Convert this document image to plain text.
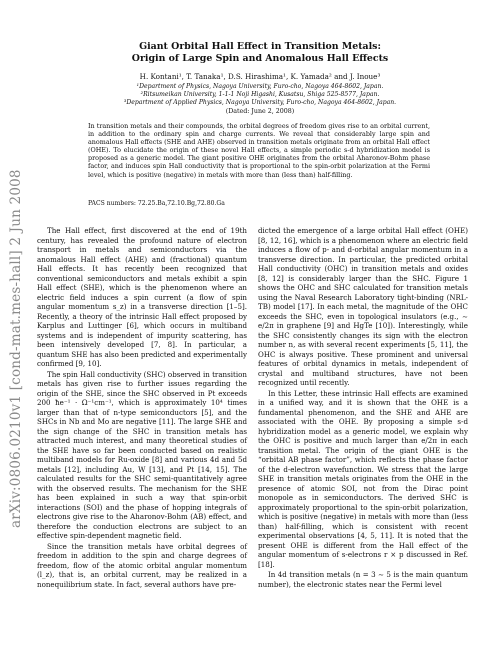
arXiv:0806.0210v1 [cond-mat.mes-hall] 2 Jun 2008
Giant Orbital Hall Effect in Transition Metals:
Origin of Large Spin and Anomalous Hall Effects
H. Kontani¹, T. Tanaka¹, D.S. Hirashima¹, K. Yamada² and J. Inoue³
¹Department of Physics, Nagoya University, Furo-cho, Nagoya 464-8602, Japan.
²Ritsumeikan University, 1-1-1 Noji Higashi, Kusatsu, Shiga 525-8577, Japan.
³Department of Applied Physics, Nagoya University, Furo-cho, Nagoya 464-8602, Japan.
(Dated: June 2, 2008)
In transition metals and their compounds, the orbital degrees of freedom gives rise to an orbital current, in addition to the ordinary spin and charge currents. We reveal that considerably large spin and anomalous Hall effects (SHE and AHE) observed in transition metals originate from an orbital Hall effect (OHE). To elucidate the origin of these novel Hall effects, a simple periodic s-d hybridization model is proposed as a generic model. The giant positive OHE originates from the orbital Aharonov-Bohm phase factor, and induces spin Hall conductivity that is proportional to the spin-orbit polarization at the Fermi level, which is positive (negative) in metals with more than (less than) half-filling.
PACS numbers: 72.25.Ba,72.10.Bg,72.80.Ga

The Hall effect, first discovered at the end of 19th century, has revealed the profound nature of electron transport in metals and semiconductors via the anomalous Hall effect (AHE) and (fractional) quantum Hall effects. It has recently been recognized that conventional semiconductors and metals exhibit a spin Hall effect (SHE), which is the phenomenon where an electric field induces a spin current (a flow of spin angular momentum s_z) in a transverse direction [1–5]. Recently, a theory of the intrinsic Hall effect proposed by Karplus and Luttinger [6], which occurs in multiband systems and is independent of impurity scattering, has been intensively developed [7, 8]. In particular, a quantum SHE has also been predicted and experimentally confirmed [9, 10].

The spin Hall conductivity (SHC) observed in transition metals has given rise to further issues regarding the origin of the SHE, since the SHC observed in Pt exceeds 200 ħe⁻¹ · Ω⁻¹cm⁻¹, which is approximately 10⁴ times larger than that of n-type semiconductors [5], and the SHCs in Nb and Mo are negative [11]. The large SHE and the sign change of the SHC in transition metals has attracted much interest, and many theoretical studies of the SHE have so far been conducted based on realistic multiband models for Ru-oxide [8] and various 4d and 5d metals [12], including Au, W [13], and Pt [14, 15]. The calculated results for the SHC semi-quantitatively agree with the observed results. The mechanism for the SHE has been explained in such a way that spin-orbit interactions (SOI) and the phase of hopping integrals of electrons give rise to the Aharonov-Bohm (AB) effect, and therefore the conduction electrons are subject to an effective spin-dependent magnetic field.

Since the transition metals have orbital degrees of freedom in addition to the spin and charge degrees of freedom, flow of the atomic orbital angular momentum (l_z), that is, an orbital current, may be realized in a nonequilibrium state. In fact, several authors have pre-

dicted the emergence of a large orbital Hall effect (OHE) [8, 12, 16], which is a phenomenon where an electric field induces a flow of p- and d-orbital angular momentum in a transverse direction. In particular, the predicted orbital Hall conductivity (OHC) in transition metals and oxides [8, 12] is considerably larger than the SHC. Figure 1 shows the OHC and SHC calculated for transition metals using the Naval Research Laboratory tight-binding (NRL-TB) model [17]. In each metal, the magnitude of the OHC exceeds the SHC, even in topological insulators (e.g., ∼ e/2π in graphene [9] and HgTe [10]). Interestingly, while the SHC consistently changes its sign with the electron number n, as with several recent experiments [5, 11], the OHC is always positive. These prominent and universal features of orbital dynamics in metals, independent of crystal and multiband structures, have not been recognized until recently.

In this Letter, these intrinsic Hall effects are examined in a unified way, and it is shown that the OHE is a fundamental phenomenon, and the SHE and AHE are associated with the OHE. By proposing a simple s-d hybridization model as a generic model, we explain why the OHC is positive and much larger than e/2π in each transition metal. The origin of the giant OHE is the “orbital AB phase factor”, which reflects the phase factor of the d-electron wavefunction. We stress that the large SHE in transition metals originates from the OHE in the presence of atomic SOI, not from the Dirac point monopole as in semiconductors. The derived SHC is approximately proportional to the spin-orbit polarization, which is positive (negative) in metals with more than (less than) half-filling, which is consistent with recent experimental observations [4, 5, 11]. It is noted that the present OHE is different from the Hall effect of the angular momentum of s-electrons r × p discussed in Ref. [18].

In 4d transition metals (n = 3 ∼ 5 is the main quantum number), the electronic states near the Fermi level
